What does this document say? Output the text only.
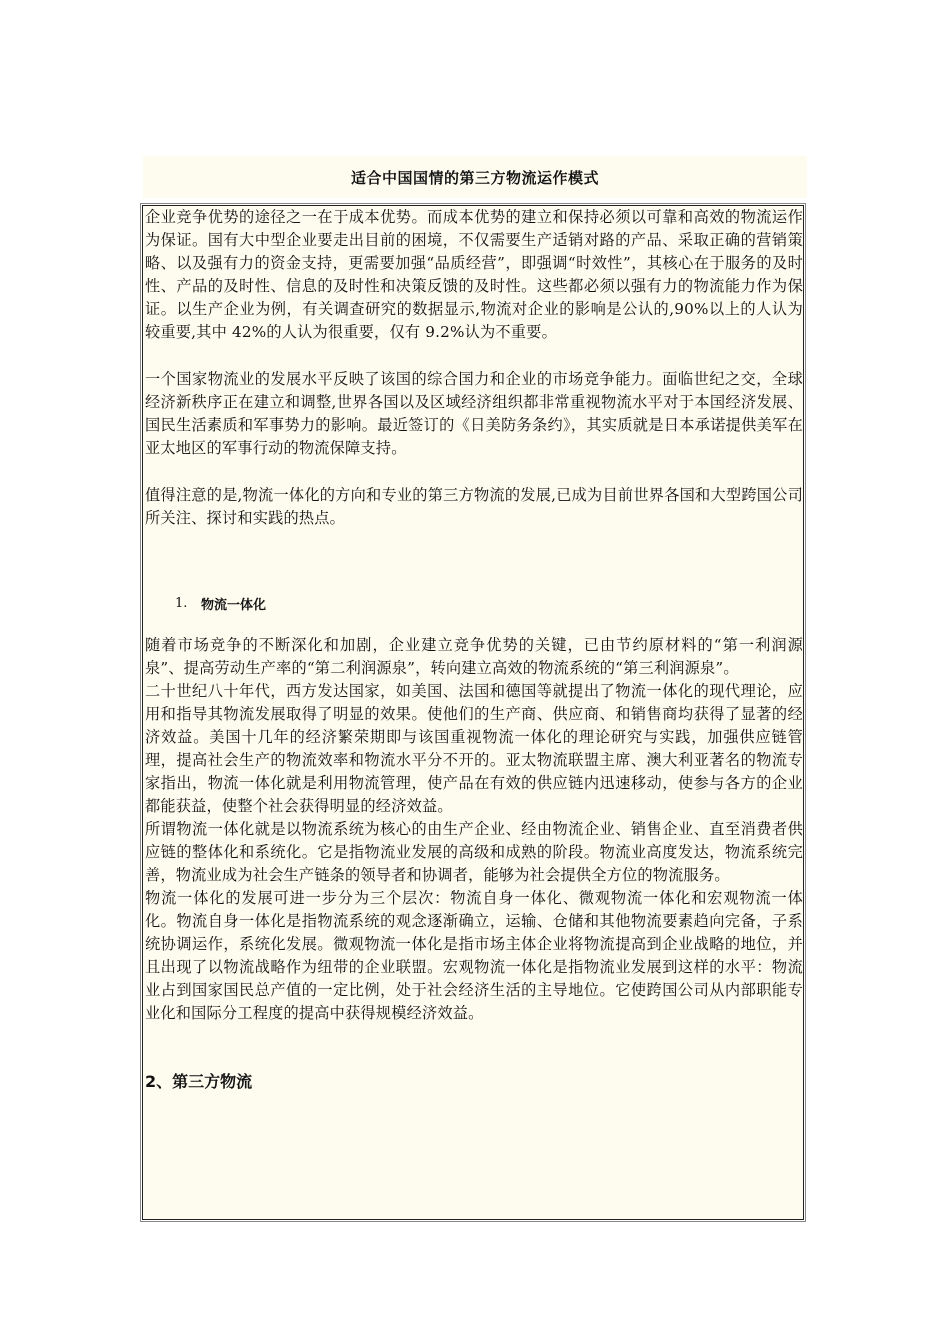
适合中国国情的第三方物流运作模式

企业竞争优势的途径之一在于成本优势。而成本优势的建立和保持必须以可靠和高效的物流运作为保证。国有大中型企业要走出目前的困境，不仅需要生产适销对路的产品、采取正确的营销策略、以及强有力的资金支持，更需要加强“品质经营”，即强调“时效性”，其核心在于服务的及时性、产品的及时性、信息的及时性和决策反馈的及时性。这些都必须以强有力的物流能力作为保证。以生产企业为例，有关调查研究的数据显示,物流对企业的影响是公认的,90%以上的人认为较重要,其中 42%的人认为很重要，仅有 9.2%认为不重要。

一个国家物流业的发展水平反映了该国的综合国力和企业的市场竞争能力。面临世纪之交，全球经济新秩序正在建立和调整,世界各国以及区域经济组织都非常重视物流水平对于本国经济发展、国民生活素质和军事势力的影响。最近签订的《日美防务条约》，其实质就是日本承诺提供美军在亚太地区的军事行动的物流保障支持。

值得注意的是,物流一体化的方向和专业的第三方物流的发展,已成为目前世界各国和大型跨国公司所关注、探讨和实践的热点。

1.	物流一体化

随着市场竞争的不断深化和加剧，企业建立竞争优势的关键，已由节约原材料的“第一利润源泉”、提高劳动生产率的“第二利润源泉”，转向建立高效的物流系统的“第三利润源泉”。

二十世纪八十年代，西方发达国家，如美国、法国和德国等就提出了物流一体化的现代理论，应用和指导其物流发展取得了明显的效果。使他们的生产商、供应商、和销售商均获得了显著的经济效益。美国十几年的经济繁荣期即与该国重视物流一体化的理论研究与实践，加强供应链管理，提高社会生产的物流效率和物流水平分不开的。亚太物流联盟主席、澳大利亚著名的物流专家指出，物流一体化就是利用物流管理，使产品在有效的供应链内迅速移动，使参与各方的企业都能获益，使整个社会获得明显的经济效益。

所谓物流一体化就是以物流系统为核心的由生产企业、经由物流企业、销售企业、直至消费者供应链的整体化和系统化。它是指物流业发展的高级和成熟的阶段。物流业高度发达，物流系统完善，物流业成为社会生产链条的领导者和协调者，能够为社会提供全方位的物流服务。

物流一体化的发展可进一步分为三个层次：物流自身一体化、微观物流一体化和宏观物流一体化。物流自身一体化是指物流系统的观念逐渐确立，运输、仓储和其他物流要素趋向完备，子系统协调运作，系统化发展。微观物流一体化是指市场主体企业将物流提高到企业战略的地位，并且出现了以物流战略作为纽带的企业联盟。宏观物流一体化是指物流业发展到这样的水平：物流业占到国家国民总产值的一定比例，处于社会经济生活的主导地位。它使跨国公司从内部职能专业化和国际分工程度的提高中获得规模经济效益。

2、第三方物流
